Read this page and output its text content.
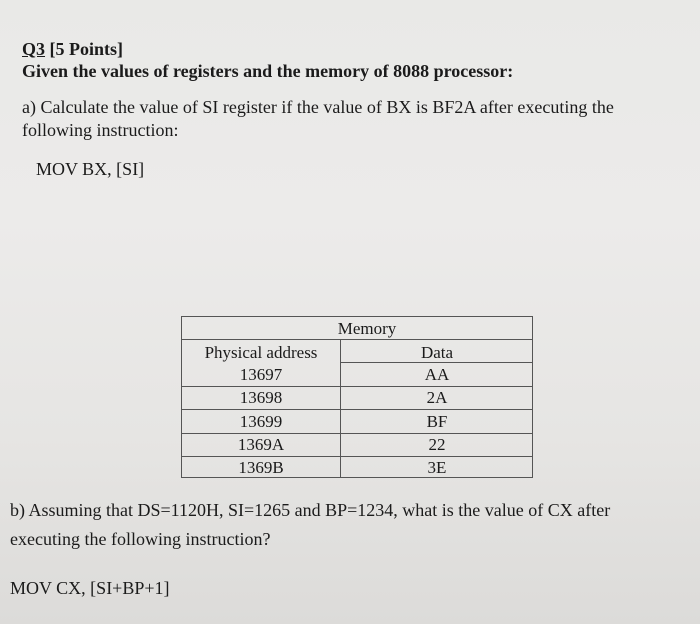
Q3 [5 Points]
Given the values of registers and the memory of 8088 processor:
a) Calculate the value of SI register if the value of BX is BF2A after executing the
following instruction:
MOV BX, [SI]
Memory
Physical address	Data
13697	AA
13698	2A
13699	BF
1369A	22
1369B	3E
b) Assuming that DS=1120H, SI=1265 and BP=1234, what is the value of CX after
executing the following instruction?
MOV CX, [SI+BP+1]
